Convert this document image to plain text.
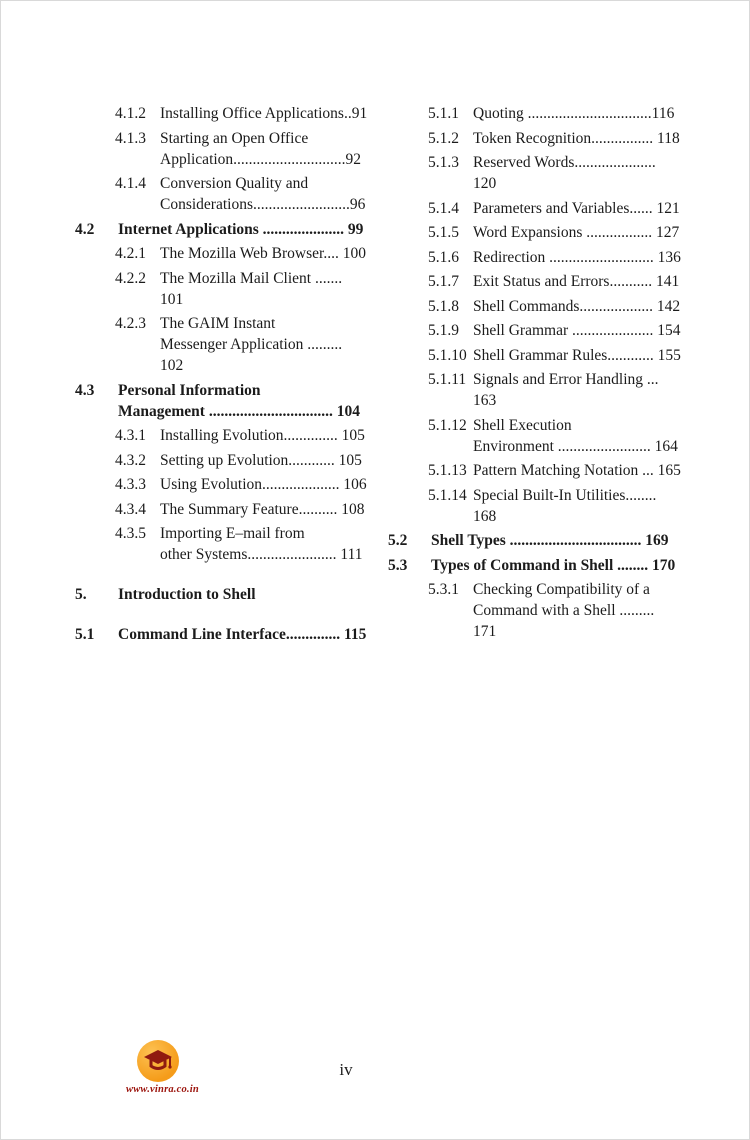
4.1.2 Installing Office Applications..91
4.1.3 Starting an Open Office
Application.............................92
4.1.4 Conversion Quality and
Considerations.........................96
4.2	Internet Applications ..................... 99
4.2.1 The Mozilla Web Browser.... 100
4.2.2 The Mozilla Mail Client ....... 101
4.2.3 The GAIM Instant
Messenger Application ......... 102
4.3	Personal Information
Management ................................ 104
4.3.1 Installing Evolution.............. 105
4.3.2 Setting up Evolution............ 105
4.3.3 Using Evolution.................... 106
4.3.4 The Summary Feature.......... 108
4.3.5 Importing E–mail from
other Systems....................... 111
5.	Introduction to Shell
5.1	Command Line Interface.............. 115
5.1.1 Quoting ................................116
5.1.2 Token Recognition................ 118
5.1.3 Reserved Words..................... 120
5.1.4 Parameters and Variables...... 121
5.1.5 Word Expansions ................. 127
5.1.6 Redirection ........................... 136
5.1.7 Exit Status and Errors........... 141
5.1.8 Shell Commands................... 142
5.1.9 Shell Grammar ..................... 154
5.1.10 Shell Grammar Rules............ 155
5.1.11 Signals and Error Handling ... 163
5.1.12 Shell Execution
Environment ........................ 164
5.1.13 Pattern Matching Notation ... 165
5.1.14 Special Built-In Utilities........ 168
5.2	Shell Types .................................. 169
5.3	Types of Command in Shell ........ 170
5.3.1 Checking Compatibility of a
Command with a Shell ......... 171
www.vinra.co.in
iv
